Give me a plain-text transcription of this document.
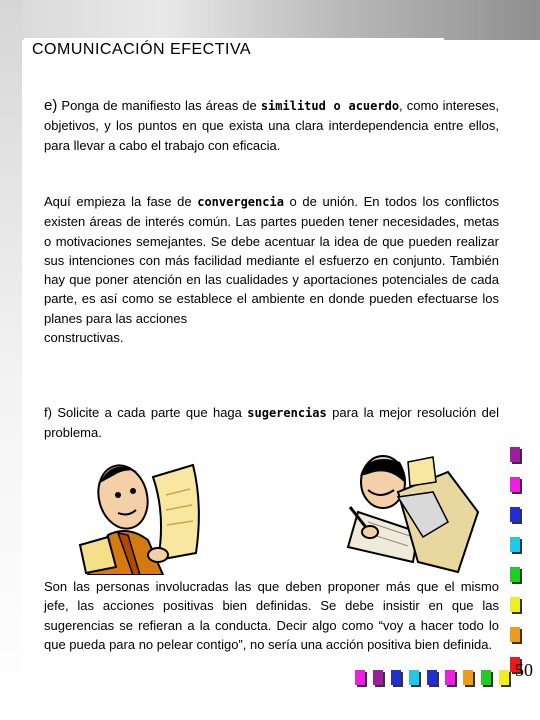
COMUNICACIÓN EFECTIVA

e) Ponga de manifiesto las áreas de similitud o acuerdo, como intereses, objetivos, y los puntos en que exista una clara interdependencia entre ellos, para llevar a cabo el trabajo con eficacia.

Aquí empieza la fase de convergencia o de unión. En todos los conflictos existen áreas de interés común. Las partes pueden tener necesidades, metas o motivaciones semejantes. Se debe acentuar la idea de que pueden realizar sus intenciones con más facilidad mediante el esfuerzo en conjunto. También hay que poner atención en las cualidades y aportaciones potenciales de cada parte, es así como se establece el ambiente en donde pueden efectuarse los planes para las acciones
constructivas.

f) Solicite a cada parte que haga sugerencias para la mejor resolución del problema.

Son las personas involucradas las que deben proponer más que el mismo jefe, las acciones positivas bien definidas. Se debe insistir en que las sugerencias se refieran a la conducta. Decir algo como “voy a hacer todo lo que pueda para no pelear contigo”, no sería una acción positiva bien definida.

50
